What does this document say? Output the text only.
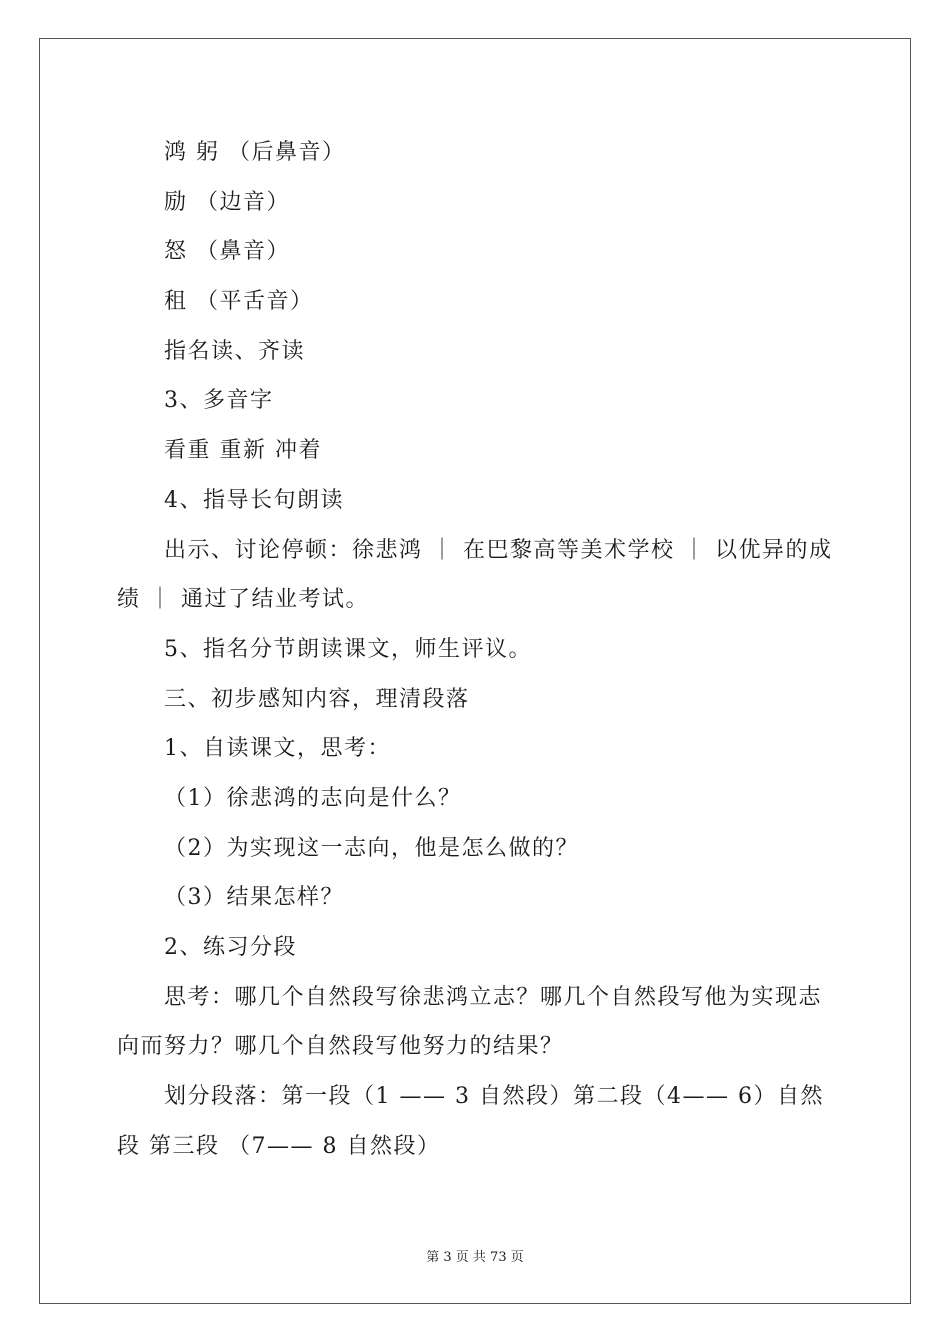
鸿 躬 （后鼻音）
励 （边音）
怒 （鼻音）
租 （平舌音）
指名读、齐读
3、多音字
看重 重新 冲着
4、指导长句朗读
出示、讨论停顿：徐悲鸿 ｜ 在巴黎高等美术学校 ｜ 以优异的成
绩 ｜ 通过了结业考试。
5、指名分节朗读课文，师生评议。
三、初步感知内容，理清段落
1、自读课文，思考：
（1）徐悲鸿的志向是什么？
（2）为实现这一志向，他是怎么做的？
（3）结果怎样？
2、练习分段
思考：哪几个自然段写徐悲鸿立志？哪几个自然段写他为实现志
向而努力？哪几个自然段写他努力的结果？
划分段落：第一段（1 —— 3 自然段）第二段（4—— 6）自然
段 第三段 （7—— 8 自然段）
第 3 页 共 73 页
